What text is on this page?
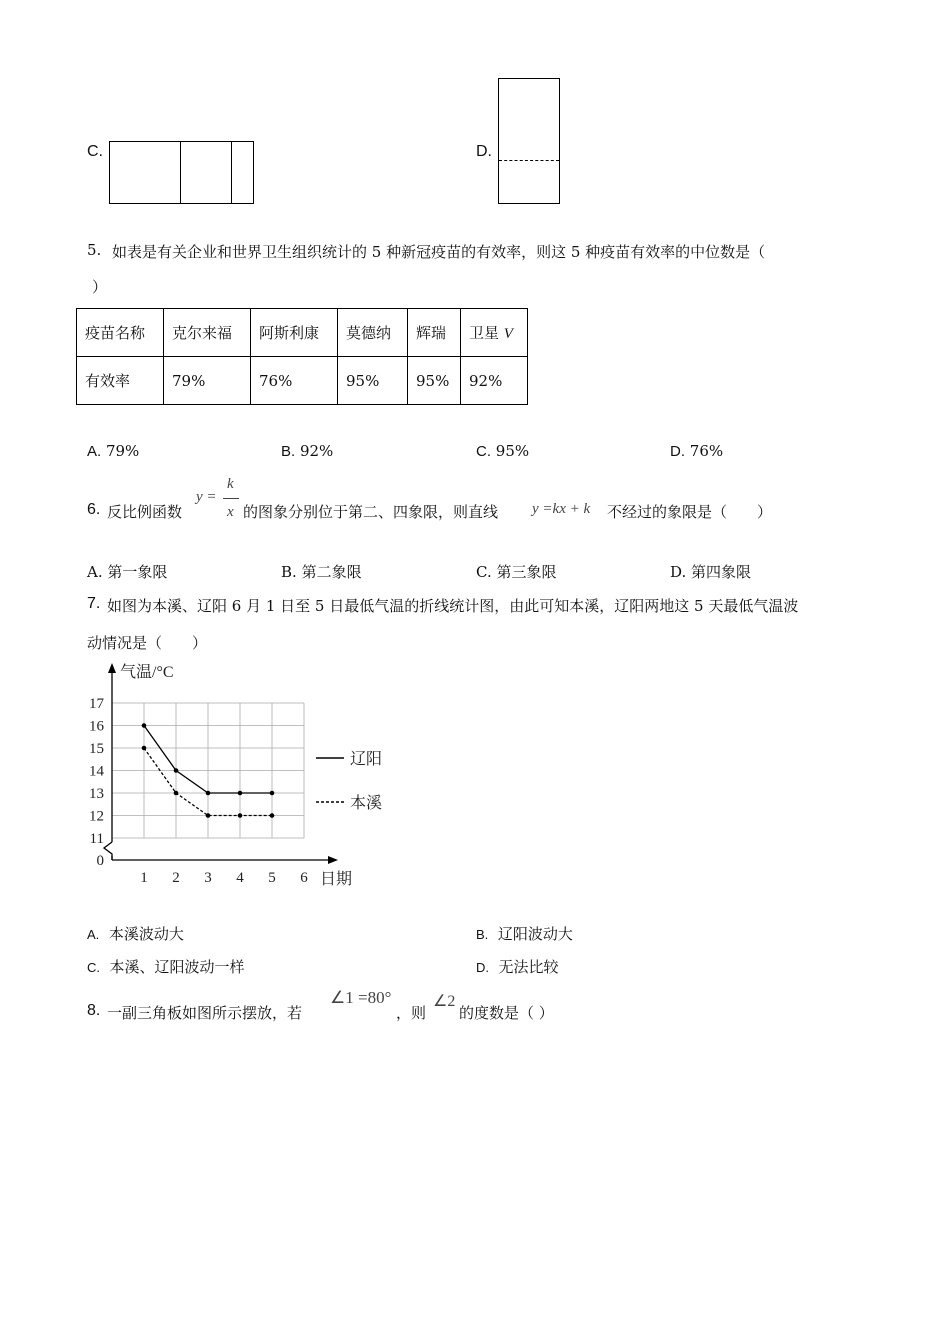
C.	D.
5. 如表是有关企业和世界卫生组织统计的 5 种新冠疫苗的有效率，则这 5 种疫苗有效率的中位数是（
）
疫苗名称	克尔来福	阿斯利康	莫德纳	辉瑞	卫星 V
有效率	79%	76%	95%	95%	92%
A. 79%	B. 92%	C. 95%	D. 76%
6. 反比例函数
y =
k
x 的图象分别位于第二、四象限，则直线 y =kx + k 不经过的象限是（　　）
A. 第一象限	B. 第二象限	C. 第三象限	D. 第四象限
7. 如图为本溪、辽阳 6 月 1 日至 5 日最低气温的折线统计图，由此可知本溪，辽阳两地这 5 天最低气温波
动情况是（　　）
0
11
12
13
14
15
16
17
1 2 3 4 5 6
气温/°C
日期
辽阳
本溪
A. 本溪波动大	B. 辽阳波动大
C. 本溪、辽阳波动一样	D. 无法比较
8. 一副三角板如图所示摆放，若
∠1 =80°
，则
∠2
的度数是（ ）
